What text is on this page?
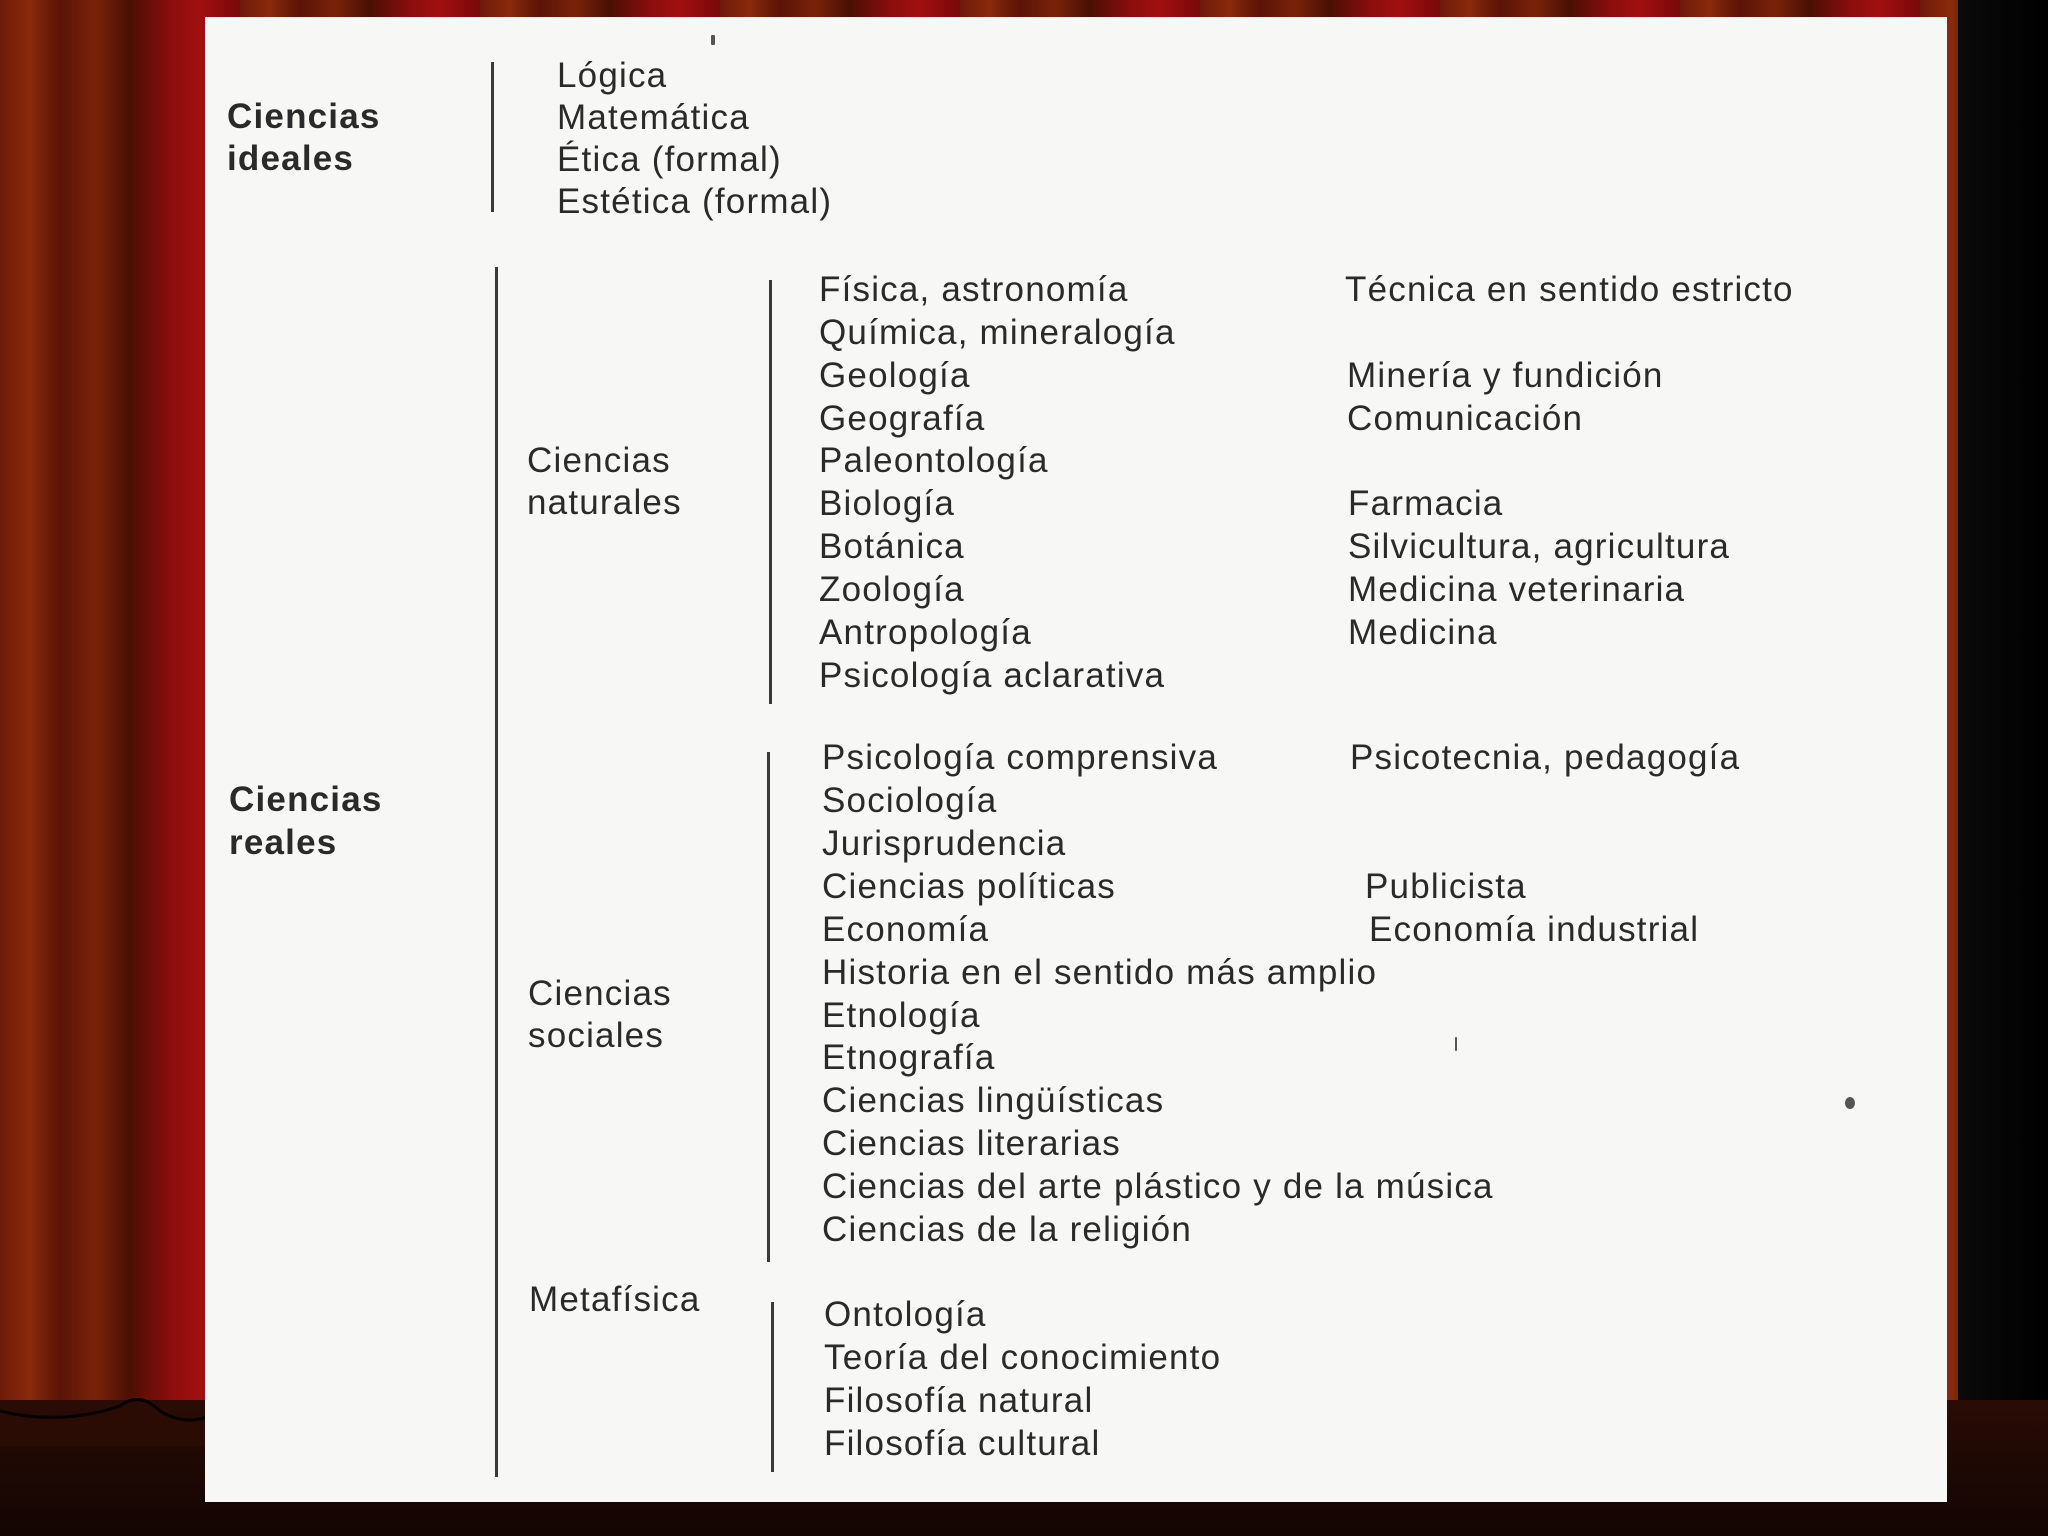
Ciencias
ideales
Lógica
Matemática
Ética (formal)
Estética (formal)
Ciencias
reales
Ciencias
naturales
Física, astronomía	Técnica en sentido estricto
Química, mineralogía
Geología	Minería y fundición
Geografía	Comunicación
Paleontología
Biología	Farmacia
Botánica	Silvicultura, agricultura
Zoología	Medicina veterinaria
Antropología	Medicina
Psicología aclarativa
Ciencias
sociales
Psicología comprensiva	Psicotecnia, pedagogía
Sociología
Jurisprudencia
Ciencias políticas	Publicista
Economía	Economía industrial
Historia en el sentido más amplio
Etnología
Etnografía
Ciencias lingüísticas
Ciencias literarias
Ciencias del arte plástico y de la música
Ciencias de la religión
Metafísica	Ontología
Teoría del conocimiento
Filosofía natural
Filosofía cultural
